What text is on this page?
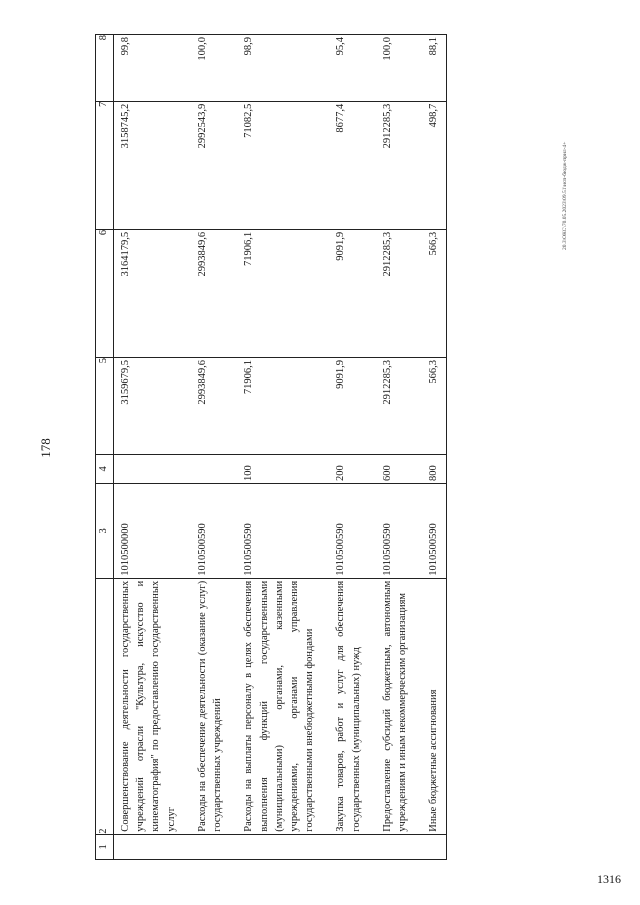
178
1316
20.3\ОКС\70.05.2023\09.51\исп-бюдж-прил-4+
1	2	3	4	5	6	7	8
	Совершенствование деятельности государственных учреждений отрасли "Культура, искусство и кинематография" по предоставлению государственных услуг	1010500000		3159679,5	3164179,5	3158745,2	99,8
	Расходы на обеспечение деятельности (оказание услуг) государственных учреждений	1010500590		2993849,6	2993849,6	2992543,9	100,0
	Расходы на выплаты персоналу в целях обеспечения выполнения функций государственными (муниципальными) органами, казенными учреждениями, органами управления государственными внебюджетными фондами	1010500590	100	71906,1	71906,1	71082,5	98,9
	Закупка товаров, работ и услуг для обеспечения государственных (муниципальных) нужд	1010500590	200	9091,9	9091,9	8677,4	95,4
	Предоставление субсидий бюджетным, автономным учреждениям и иным некоммерческим организациям	1010500590	600	2912285,3	2912285,3	2912285,3	100,0
	Иные бюджетные ассигнования	1010500590	800	566,3	566,3	498,7	88,1
